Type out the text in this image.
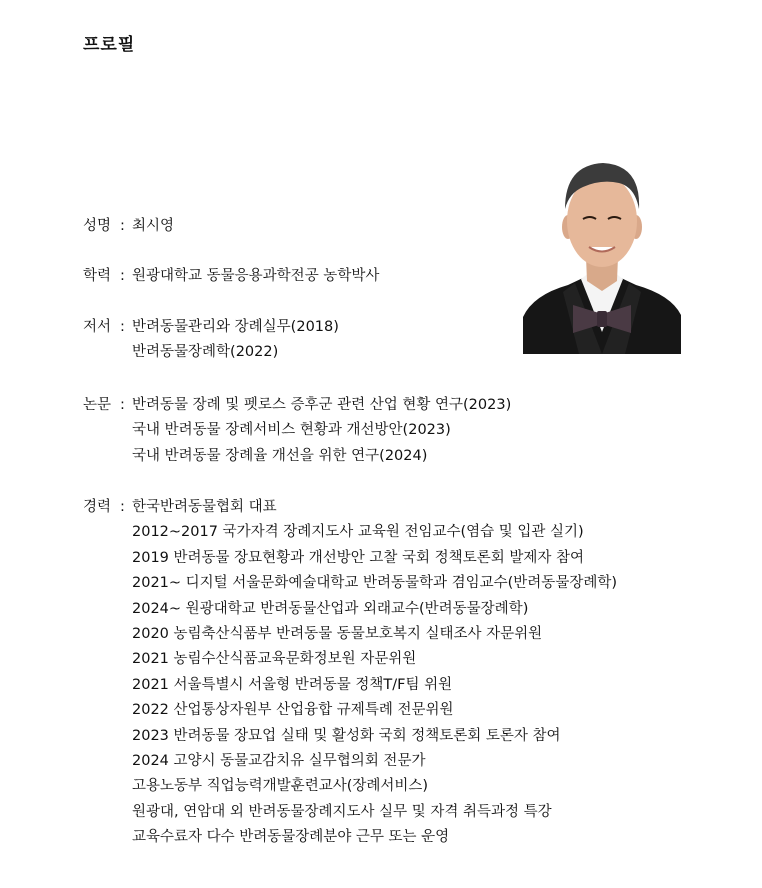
프로필
성명 : 최시영
학력 : 원광대학교 동물응용과학전공 농학박사
저서 : 반려동물관리와 장례실무(2018)
반려동물장례학(2022)
논문 : 반려동물 장례 및 펫로스 증후군 관련 산업 현황 연구(2023)
국내 반려동물 장례서비스 현황과 개선방안(2023)
국내 반려동물 장례율 개선을 위한 연구(2024)
경력 : 한국반려동물협회 대표
2012~2017 국가자격 장례지도사 교육원 전임교수(염습 및 입관 실기)
2019 반려동물 장묘현황과 개선방안 고찰 국회 정책토론회 발제자 참여
2021~ 디지털 서울문화예술대학교 반려동물학과 겸임교수(반려동물장례학)
2024~ 원광대학교 반려동물산업과 외래교수(반려동물장례학)
2020 농림축산식품부 반려동물 동물보호복지 실태조사 자문위원
2021 농림수산식품교육문화정보원 자문위원
2021 서울특별시 서울형 반려동물 정책T/F팀 위원
2022 산업통상자원부 산업융합 규제특례 전문위원
2023 반려동물 장묘업 실태 및 활성화 국회 정책토론회 토론자 참여
2024 고양시 동물교감치유 실무협의회 전문가
고용노동부 직업능력개발훈련교사(장례서비스)
원광대, 연암대 외 반려동물장례지도사 실무 및 자격 취득과정 특강
교육수료자 다수 반려동물장례분야 근무 또는 운영
